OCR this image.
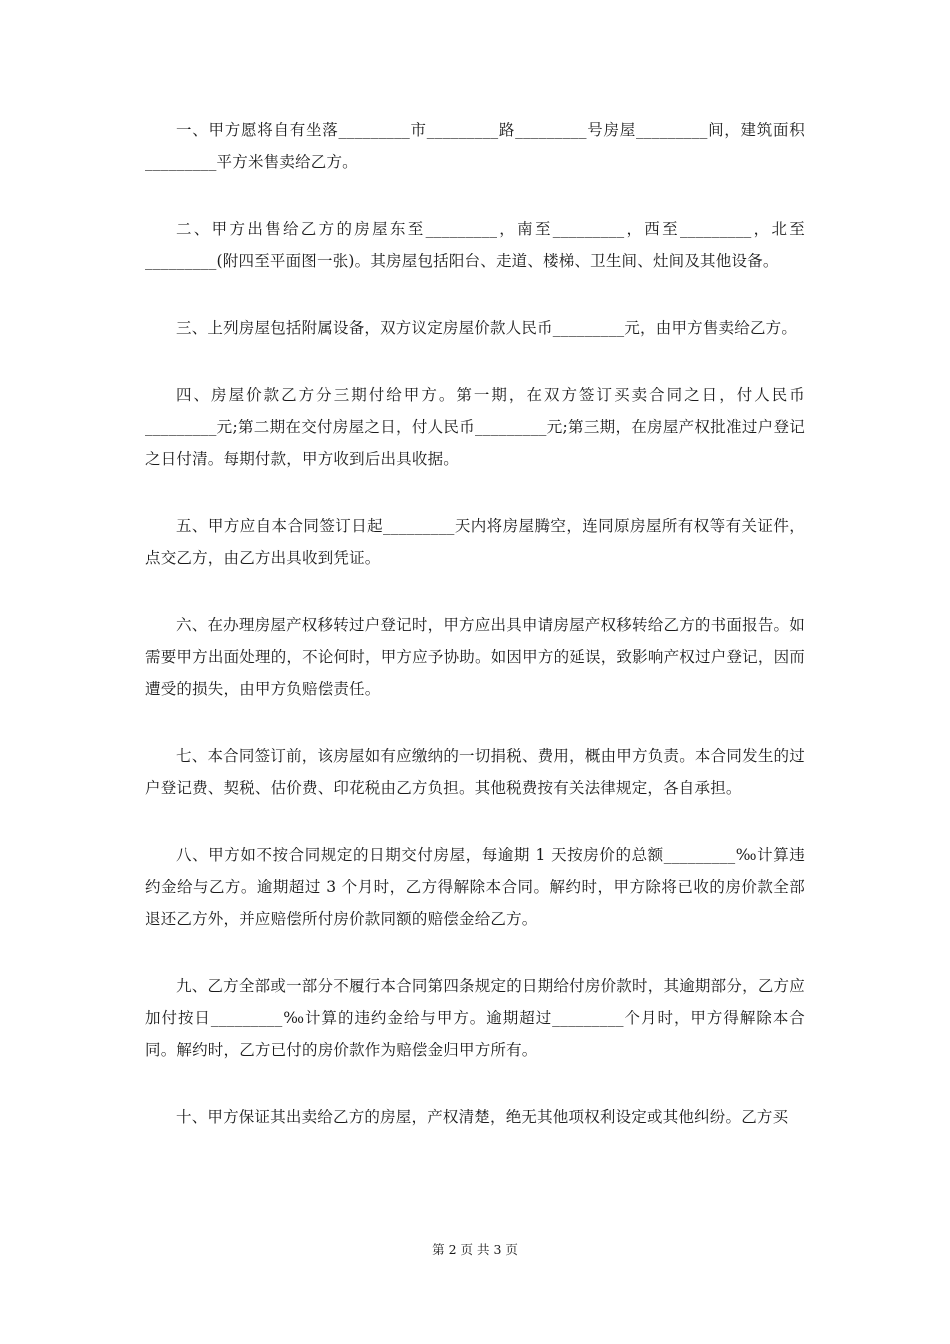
一、甲方愿将自有坐落_________市_________路_________号房屋_________间，建筑面积_________平方米售卖给乙方。

二、甲方出售给乙方的房屋东至_________，南至_________，西至_________，北至_________(附四至平面图一张)。其房屋包括阳台、走道、楼梯、卫生间、灶间及其他设备。

三、上列房屋包括附属设备，双方议定房屋价款人民币_________元，由甲方售卖给乙方。

四、房屋价款乙方分三期付给甲方。第一期，在双方签订买卖合同之日，付人民币_________元;第二期在交付房屋之日，付人民币_________元;第三期，在房屋产权批准过户登记之日付清。每期付款，甲方收到后出具收据。

五、甲方应自本合同签订日起_________天内将房屋腾空，连同原房屋所有权等有关证件，点交乙方，由乙方出具收到凭证。

六、在办理房屋产权移转过户登记时，甲方应出具申请房屋产权移转给乙方的书面报告。如需要甲方出面处理的，不论何时，甲方应予协助。如因甲方的延误，致影响产权过户登记，因而遭受的损失，由甲方负赔偿责任。

七、本合同签订前，该房屋如有应缴纳的一切捐税、费用，概由甲方负责。本合同发生的过户登记费、契税、估价费、印花税由乙方负担。其他税费按有关法律规定，各自承担。

八、甲方如不按合同规定的日期交付房屋，每逾期 1 天按房价的总额_________‰计算违约金给与乙方。逾期超过 3 个月时，乙方得解除本合同。解约时，甲方除将已收的房价款全部退还乙方外，并应赔偿所付房价款同额的赔偿金给乙方。

九、乙方全部或一部分不履行本合同第四条规定的日期给付房价款时，其逾期部分，乙方应加付按日_________‰计算的违约金给与甲方。逾期超过_________个月时，甲方得解除本合同。解约时，乙方已付的房价款作为赔偿金归甲方所有。

十、甲方保证其出卖给乙方的房屋，产权清楚，绝无其他项权利设定或其他纠纷。乙方买

第 2 页 共 3 页
